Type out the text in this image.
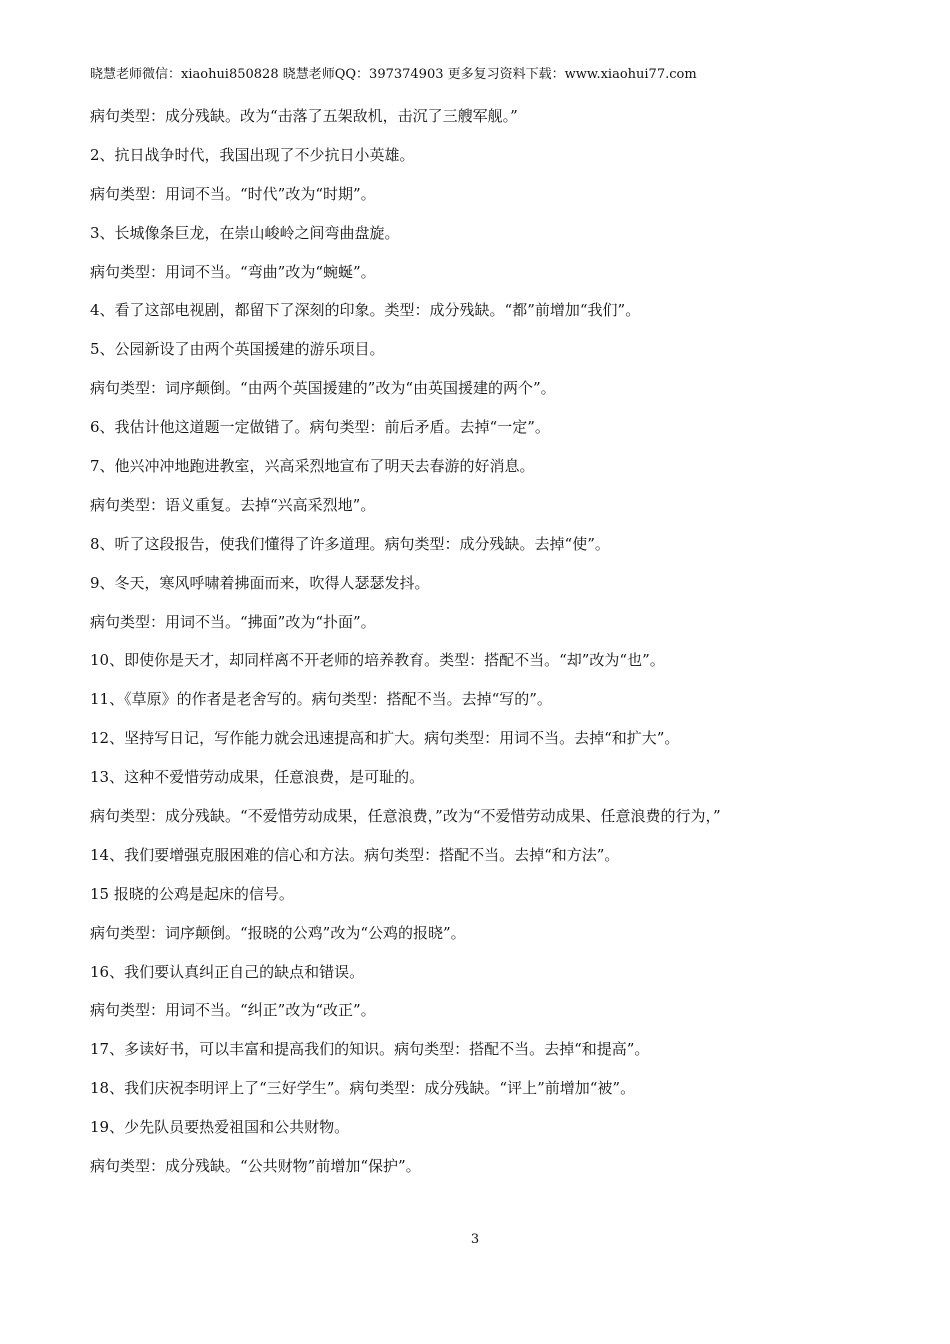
晓慧老师微信：xiaohui850828 晓慧老师QQ：397374903 更多复习资料下载：www.xiaohui77.com
病句类型：成分残缺。改为“击落了五架敌机，击沉了三艘军舰。”
2、抗日战争时代，我国出现了不少抗日小英雄。
病句类型：用词不当。“时代”改为“时期”。
3、长城像条巨龙，在崇山峻岭之间弯曲盘旋。
病句类型：用词不当。“弯曲”改为“蜿蜒”。
4、看了这部电视剧，都留下了深刻的印象。类型：成分残缺。“都”前增加“我们”。
5、公园新设了由两个英国援建的游乐项目。
病句类型：词序颠倒。“由两个英国援建的”改为“由英国援建的两个”。
6、我估计他这道题一定做错了。病句类型：前后矛盾。去掉“一定”。
7、他兴冲冲地跑进教室，兴高采烈地宣布了明天去春游的好消息。
病句类型：语义重复。去掉“兴高采烈地”。
8、听了这段报告，使我们懂得了许多道理。病句类型：成分残缺。去掉“使”。
9、冬天，寒风呼啸着拂面而来，吹得人瑟瑟发抖。
病句类型：用词不当。“拂面”改为“扑面”。
10、即使你是天才，却同样离不开老师的培养教育。类型：搭配不当。“却”改为“也”。
11、《草原》的作者是老舍写的。病句类型：搭配不当。去掉“写的”。
12、坚持写日记，写作能力就会迅速提高和扩大。病句类型：用词不当。去掉“和扩大”。
13、这种不爱惜劳动成果，任意浪费，是可耻的。
病句类型：成分残缺。“不爱惜劳动成果，任意浪费，”改为“不爱惜劳动成果、任意浪费的行为，”
14、我们要增强克服困难的信心和方法。病句类型：搭配不当。去掉“和方法”。
15 报晓的公鸡是起床的信号。
病句类型：词序颠倒。“报晓的公鸡”改为“公鸡的报晓”。
16、我们要认真纠正自己的缺点和错误。
病句类型：用词不当。“纠正”改为“改正”。
17、多读好书，可以丰富和提高我们的知识。病句类型：搭配不当。去掉“和提高”。
18、我们庆祝李明评上了“三好学生”。病句类型：成分残缺。“评上”前增加“被”。
19、少先队员要热爱祖国和公共财物。
病句类型：成分残缺。“公共财物”前增加“保护”。
3
